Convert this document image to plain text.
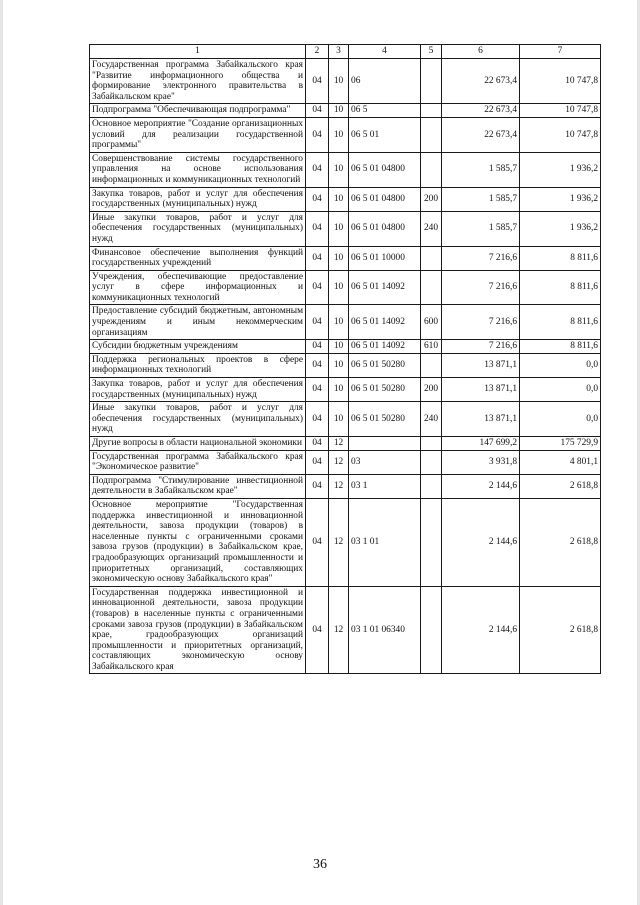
1	2	3	4	5	6	7
Государственная программа Забайкальского края "Развитие информационного общества и формирование электронного правительства в Забайкальском крае"	04	10	06		22 673,4	10 747,8
Подпрограмма "Обеспечивающая подпрограмма"	04	10	06 5		22 673,4	10 747,8
Основное мероприятие "Создание организационных условий для реализации государственной программы"	04	10	06 5 01		22 673,4	10 747,8
Совершенствование системы государственного управления на основе использования информационных и коммуникационных технологий	04	10	06 5 01 04800		1 585,7	1 936,2
Закупка товаров, работ и услуг для обеспечения государственных (муниципальных) нужд	04	10	06 5 01 04800	200	1 585,7	1 936,2
Иные закупки товаров, работ и услуг для обеспечения государственных (муниципальных) нужд	04	10	06 5 01 04800	240	1 585,7	1 936,2
Финансовое обеспечение выполнения функций государственных учреждений	04	10	06 5 01 10000		7 216,6	8 811,6
Учреждения, обеспечивающие предоставление услуг в сфере информационных и коммуникационных технологий	04	10	06 5 01 14092		7 216,6	8 811,6
Предоставление субсидий бюджетным, автономным учреждениям и иным некоммерческим организациям	04	10	06 5 01 14092	600	7 216,6	8 811,6
Субсидии бюджетным учреждениям	04	10	06 5 01 14092	610	7 216,6	8 811,6
Поддержка региональных проектов в сфере информационных технологий	04	10	06 5 01 50280		13 871,1	0,0
Закупка товаров, работ и услуг для обеспечения государственных (муниципальных) нужд	04	10	06 5 01 50280	200	13 871,1	0,0
Иные закупки товаров, работ и услуг для обеспечения государственных (муниципальных) нужд	04	10	06 5 01 50280	240	13 871,1	0,0
Другие вопросы в области национальной экономики	04	12			147 699,2	175 729,9
Государственная программа Забайкальского края "Экономическое развитие"	04	12	03		3 931,8	4 801,1
Подпрограмма "Стимулирование инвестиционной деятельности в Забайкальском крае"	04	12	03 1		2 144,6	2 618,8
Основное мероприятие "Государственная поддержка инвестиционной и инновационной деятельности, завоза продукции (товаров) в населенные пункты с ограниченными сроками завоза грузов (продукции) в Забайкальском крае, градообразующих организаций промышленности и приоритетных организаций, составляющих экономическую основу Забайкальского края"	04	12	03 1 01		2 144,6	2 618,8
Государственная поддержка инвестиционной и инновационной деятельности, завоза продукции (товаров) в населенные пункты с ограниченными сроками завоза грузов (продукции) в Забайкальском крае, градообразующих организаций промышленности и приоритетных организаций, составляющих экономическую основу Забайкальского края	04	12	03 1 01 06340		2 144,6	2 618,8
36
